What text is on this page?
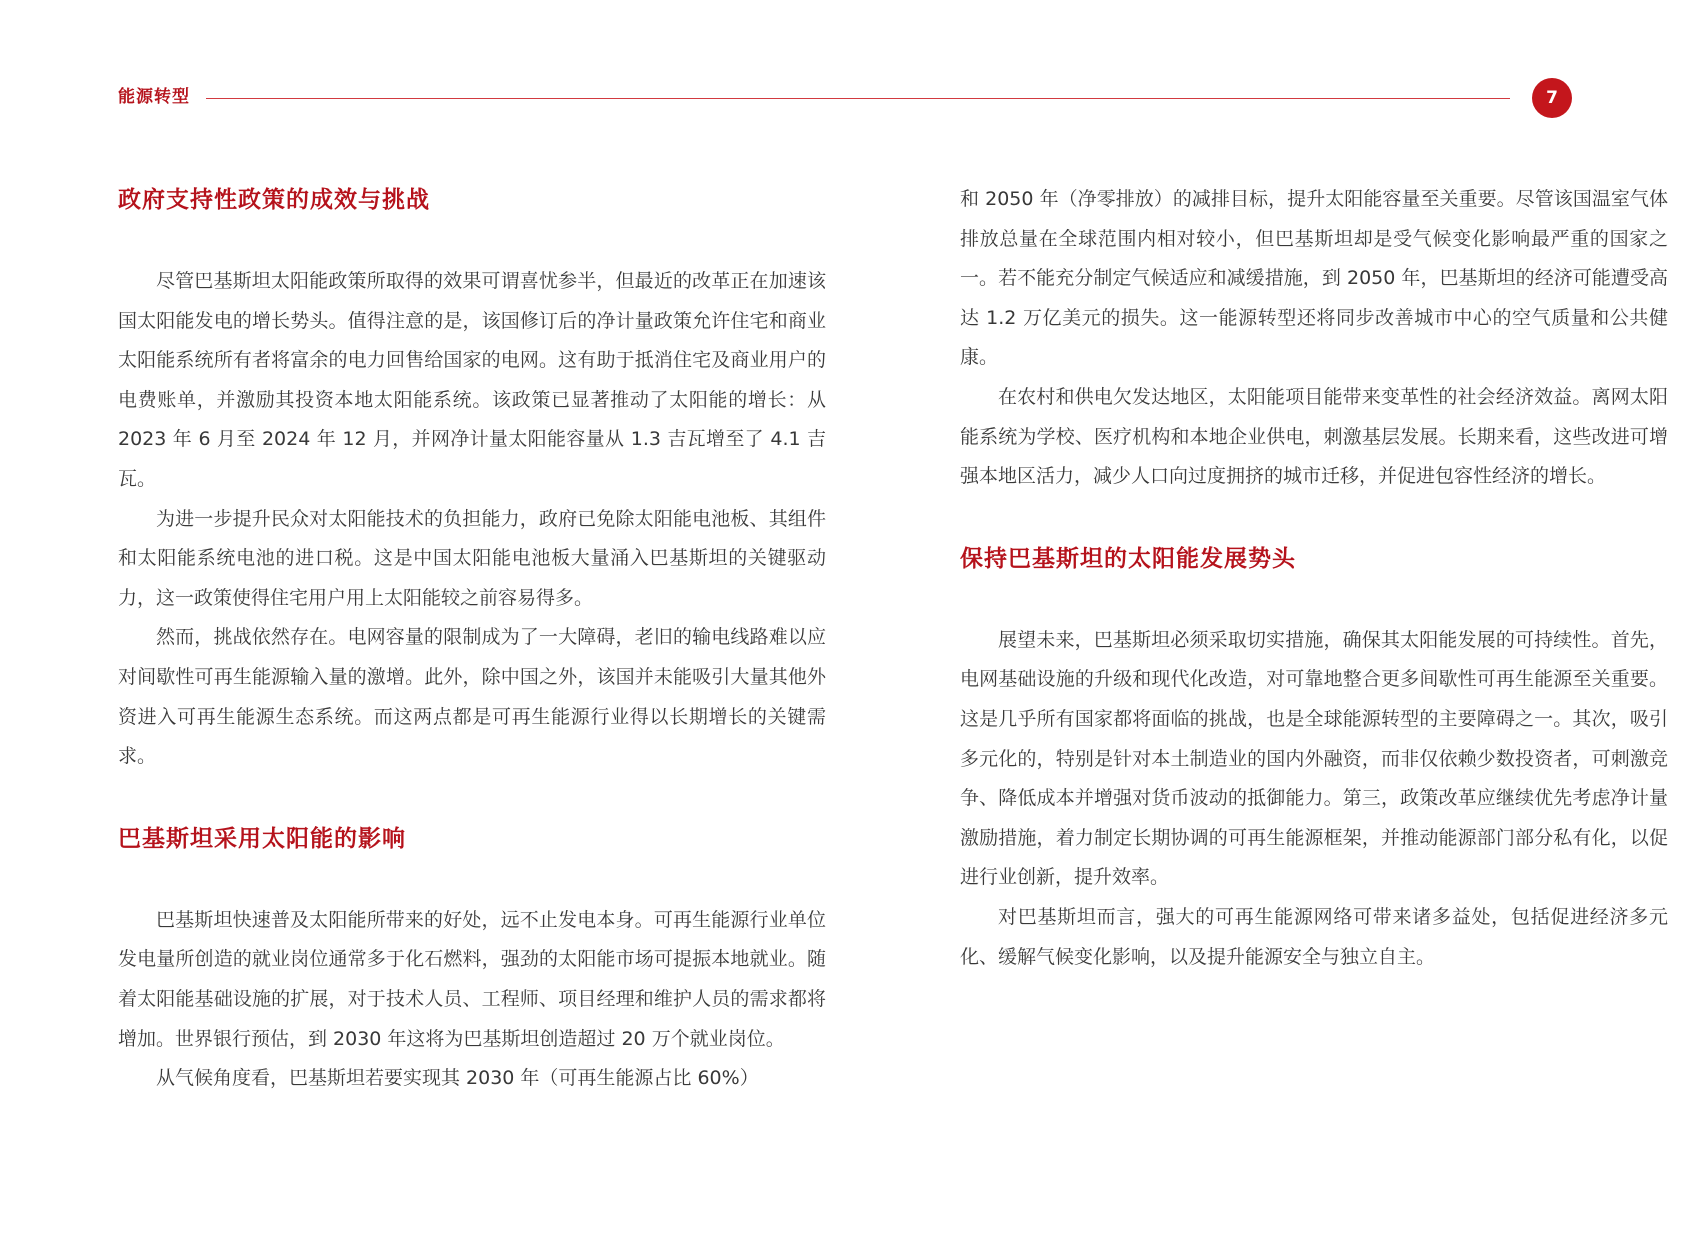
能源转型	7
政府支持性政策的成效与挑战

尽管巴基斯坦太阳能政策所取得的效果可谓喜忧参半，但最近的改革正在加速该国太阳能发电的增长势头。值得注意的是，该国修订后的净计量政策允许住宅和商业太阳能系统所有者将富余的电力回售给国家的电网。这有助于抵消住宅及商业用户的电费账单，并激励其投资本地太阳能系统。该政策已显著推动了太阳能的增长：从 2023 年 6 月至 2024 年 12 月，并网净计量太阳能容量从 1.3 吉瓦增至了 4.1 吉瓦。

为进一步提升民众对太阳能技术的负担能力，政府已免除太阳能电池板、其组件和太阳能系统电池的进口税。这是中国太阳能电池板大量涌入巴基斯坦的关键驱动力，这一政策使得住宅用户用上太阳能较之前容易得多。

然而，挑战依然存在。电网容量的限制成为了一大障碍，老旧的输电线路难以应对间歇性可再生能源输入量的激增。此外，除中国之外，该国并未能吸引大量其他外资进入可再生能源生态系统。而这两点都是可再生能源行业得以长期增长的关键需求。

巴基斯坦采用太阳能的影响

巴基斯坦快速普及太阳能所带来的好处，远不止发电本身。可再生能源行业单位发电量所创造的就业岗位通常多于化石燃料，强劲的太阳能市场可提振本地就业。随着太阳能基础设施的扩展，对于技术人员、工程师、项目经理和维护人员的需求都将增加。世界银行预估，到 2030 年这将为巴基斯坦创造超过 20 万个就业岗位。

从气候角度看，巴基斯坦若要实现其 2030 年（可再生能源占比 60%）

和 2050 年（净零排放）的减排目标，提升太阳能容量至关重要。尽管该国温室气体排放总量在全球范围内相对较小，但巴基斯坦却是受气候变化影响最严重的国家之一。若不能充分制定气候适应和减缓措施，到 2050 年，巴基斯坦的经济可能遭受高达 1.2 万亿美元的损失。这一能源转型还将同步改善城市中心的空气质量和公共健康。

在农村和供电欠发达地区，太阳能项目能带来变革性的社会经济效益。离网太阳能系统为学校、医疗机构和本地企业供电，刺激基层发展。长期来看，这些改进可增强本地区活力，减少人口向过度拥挤的城市迁移，并促进包容性经济的增长。

保持巴基斯坦的太阳能发展势头

展望未来，巴基斯坦必须采取切实措施，确保其太阳能发展的可持续性。首先，电网基础设施的升级和现代化改造，对可靠地整合更多间歇性可再生能源至关重要。这是几乎所有国家都将面临的挑战，也是全球能源转型的主要障碍之一。其次，吸引多元化的，特别是针对本土制造业的国内外融资，而非仅依赖少数投资者，可刺激竞争、降低成本并增强对货币波动的抵御能力。第三，政策改革应继续优先考虑净计量激励措施，着力制定长期协调的可再生能源框架，并推动能源部门部分私有化，以促进行业创新，提升效率。

对巴基斯坦而言，强大的可再生能源网络可带来诸多益处，包括促进经济多元化、缓解气候变化影响，以及提升能源安全与独立自主。
